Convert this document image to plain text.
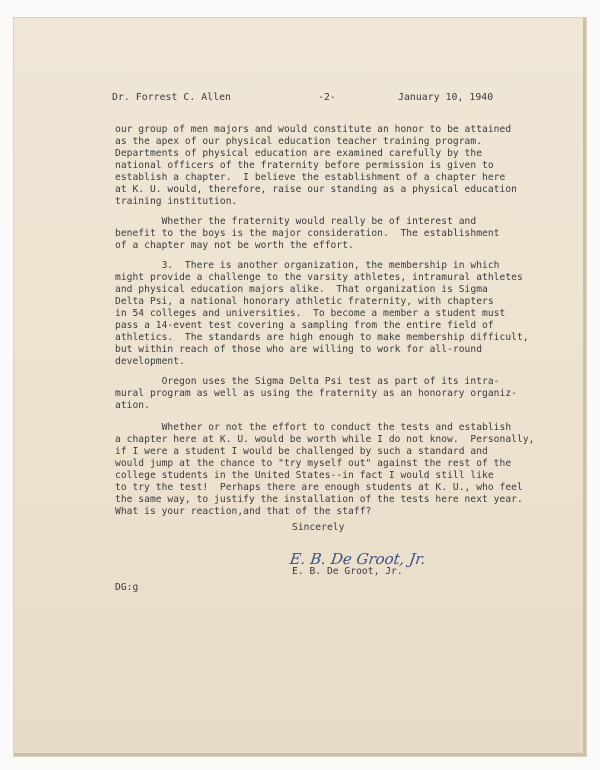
Dr. Forrest C. Allen	-2-	January 10, 1940
our group of men majors and would constitute an honor to be attained
as the apex of our physical education teacher training program.
Departments of physical education are examined carefully by the
national officers of the fraternity before permission is given to
establish a chapter.  I believe the establishment of a chapter here
at K. U. would, therefore, raise our standing as a physical education
training institution.
Whether the fraternity would really be of interest and
benefit to the boys is the major consideration.  The establishment
of a chapter may not be worth the effort.
3.  There is another organization, the membership in which
might provide a challenge to the varsity athletes, intramural athletes
and physical education majors alike.  That organization is Sigma
Delta Psi, a national honorary athletic fraternity, with chapters
in 54 colleges and universities.  To become a member a student must
pass a 14-event test covering a sampling from the entire field of
athletics.  The standards are high enough to make membership difficult,
but within reach of those who are willing to work for all-round
development.
Oregon uses the Sigma Delta Psi test as part of its intra-
mural program as well as using the fraternity as an honorary organiz-
ation.
Whether or not the effort to conduct the tests and establish
a chapter here at K. U. would be worth while I do not know.  Personally,
if I were a student I would be challenged by such a standard and
would jump at the chance to "try myself out" against the rest of the
college students in the United States--in fact I would still like
to try the test!  Perhaps there are enough students at K. U., who feel
the same way, to justify the installation of the tests here next year.
What is your reaction,and that of the staff?
Sincerely
E. B. De Groot, Jr.
E. B. De Groot, Jr.
DG:g
